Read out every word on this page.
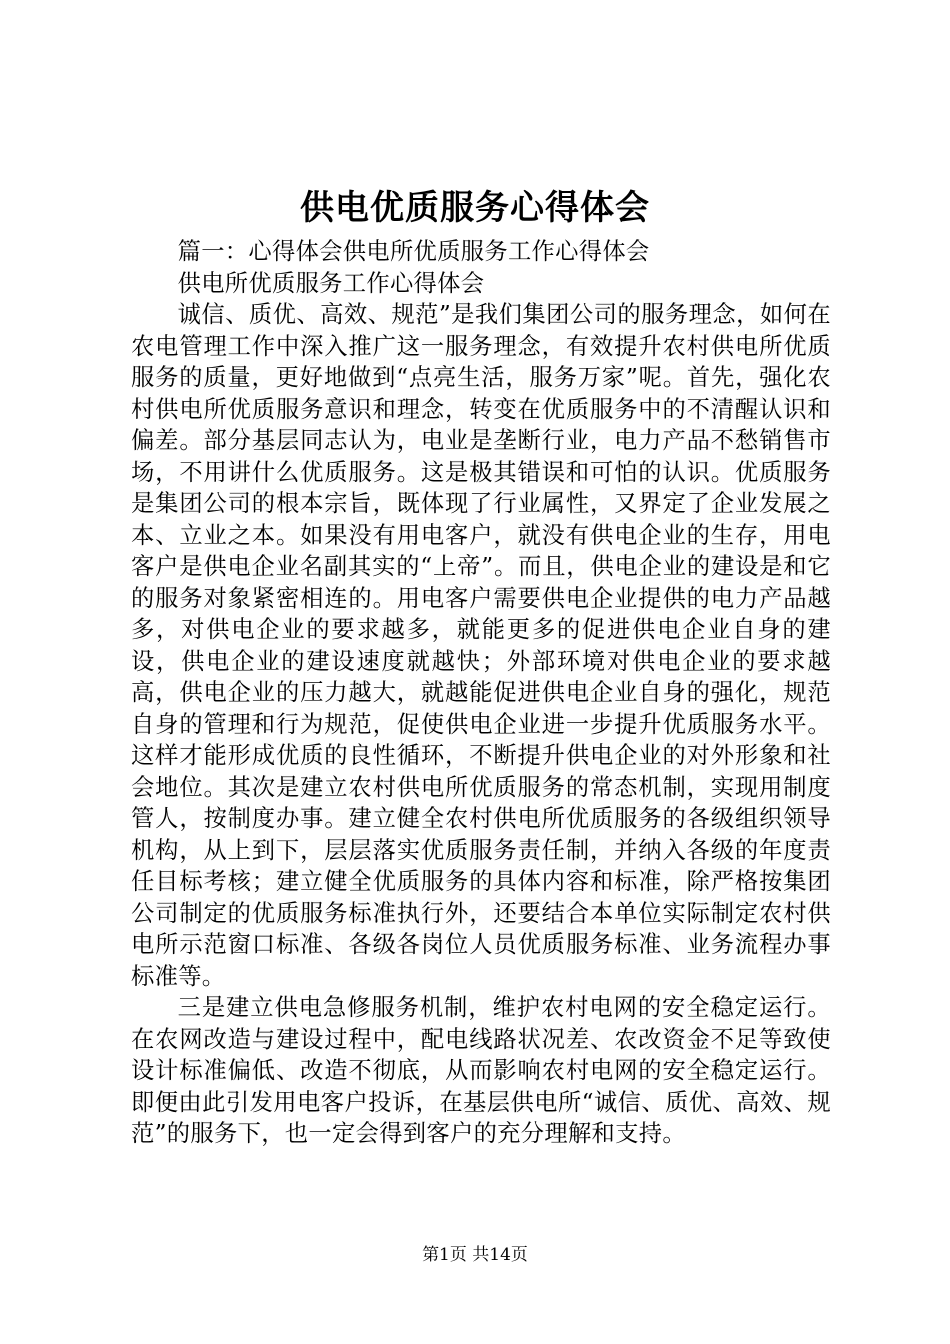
供电优质服务心得体会

篇一：心得体会供电所优质服务工作心得体会

供电所优质服务工作心得体会

诚信、质优、高效、规范”是我们集团公司的服务理念，如何在农电管理工作中深入推广这一服务理念，有效提升农村供电所优质服务的质量，更好地做到“点亮生活，服务万家”呢。首先，强化农村供电所优质服务意识和理念，转变在优质服务中的不清醒认识和偏差。部分基层同志认为，电业是垄断行业，电力产品不愁销售市场，不用讲什么优质服务。这是极其错误和可怕的认识。优质服务是集团公司的根本宗旨，既体现了行业属性，又界定了企业发展之本、立业之本。如果没有用电客户，就没有供电企业的生存，用电客户是供电企业名副其实的“上帝”。而且，供电企业的建设是和它的服务对象紧密相连的。用电客户需要供电企业提供的电力产品越多，对供电企业的要求越多，就能更多的促进供电企业自身的建设，供电企业的建设速度就越快；外部环境对供电企业的要求越高，供电企业的压力越大，就越能促进供电企业自身的强化，规范自身的管理和行为规范，促使供电企业进一步提升优质服务水平。这样才能形成优质的良性循环，不断提升供电企业的对外形象和社会地位。其次是建立农村供电所优质服务的常态机制，实现用制度管人，按制度办事。建立健全农村供电所优质服务的各级组织领导机构，从上到下，层层落实优质服务责任制，并纳入各级的年度责任目标考核；建立健全优质服务的具体内容和标准，除严格按集团公司制定的优质服务标准执行外，还要结合本单位实际制定农村供电所示范窗口标准、各级各岗位人员优质服务标准、业务流程办事标准等。

三是建立供电急修服务机制，维护农村电网的安全稳定运行。在农网改造与建设过程中，配电线路状况差、农改资金不足等致使设计标准偏低、改造不彻底，从而影响农村电网的安全稳定运行。即便由此引发用电客户投诉，在基层供电所“诚信、质优、高效、规范”的服务下，也一定会得到客户的充分理解和支持。

第1页 共14页
